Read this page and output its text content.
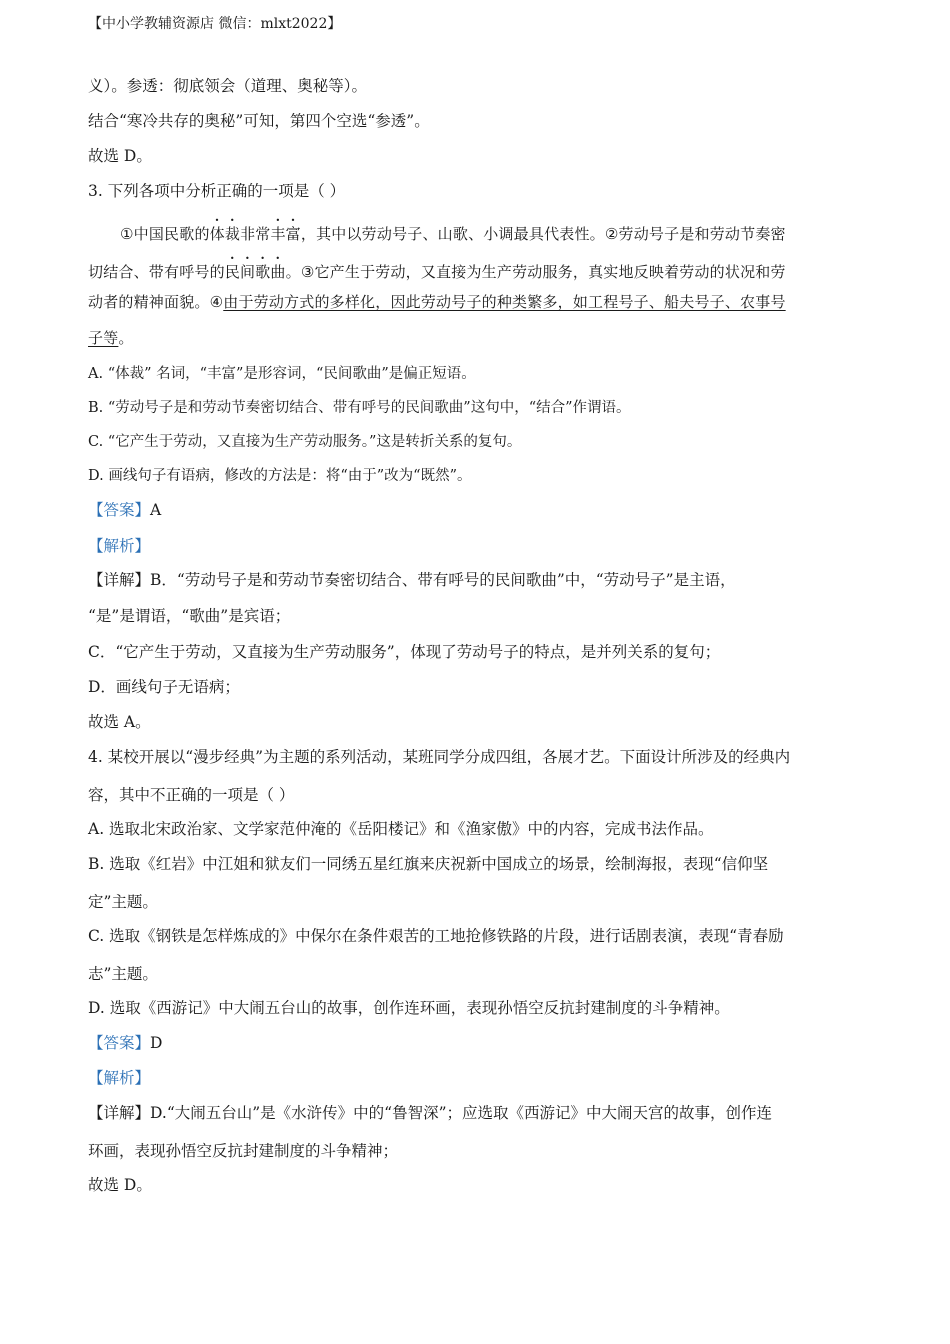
【中小学教辅资源店 微信：mlxt2022】
义）。参透：彻底领会（道理、奥秘等）。
结合“寒冷共存的奥秘”可知，第四个空选“参透”。
故选 D。
3. 下列各项中分析正确的一项是（ ）
①中国民歌的体裁非常丰富，其中以劳动号子、山歌、小调最具代表性。②劳动号子是和劳动节奏密
切结合、带有呼号的民间歌曲。③它产生于劳动，又直接为生产劳动服务，真实地反映着劳动的状况和劳
动者的精神面貌。④由于劳动方式的多样化，因此劳动号子的种类繁多，如工程号子、船夫号子、农事号
子等。
A. “体裁” 名词，“丰富”是形容词，“民间歌曲”是偏正短语。
B. “劳动号子是和劳动节奏密切结合、带有呼号的民间歌曲”这句中，“结合”作谓语。
C. “它产生于劳动，又直接为生产劳动服务。”这是转折关系的复句。
D. 画线句子有语病，修改的方法是：将“由于”改为“既然”。
【答案】A
【解析】
【详解】B．“劳动号子是和劳动节奏密切结合、带有呼号的民间歌曲”中，“劳动号子”是主语，
“是”是谓语，“歌曲”是宾语；
C．“它产生于劳动，又直接为生产劳动服务”，体现了劳动号子的特点，是并列关系的复句；
D．画线句子无语病；
故选 A。
4. 某校开展以“漫步经典”为主题的系列活动，某班同学分成四组，各展才艺。下面设计所涉及的经典内
容，其中不正确的一项是（ ）
A. 选取北宋政治家、文学家范仲淹的《岳阳楼记》和《渔家傲》中的内容，完成书法作品。
B. 选取《红岩》中江姐和狱友们一同绣五星红旗来庆祝新中国成立的场景，绘制海报，表现“信仰坚
定”主题。
C. 选取《钢铁是怎样炼成的》中保尔在条件艰苦的工地抢修铁路的片段，进行话剧表演，表现“青春励
志”主题。
D. 选取《西游记》中大闹五台山的故事，创作连环画，表现孙悟空反抗封建制度的斗争精神。
【答案】D
【解析】
【详解】D.“大闹五台山”是《水浒传》中的“鲁智深”；应选取《西游记》中大闹天宫的故事，创作连
环画，表现孙悟空反抗封建制度的斗争精神；
故选 D。
